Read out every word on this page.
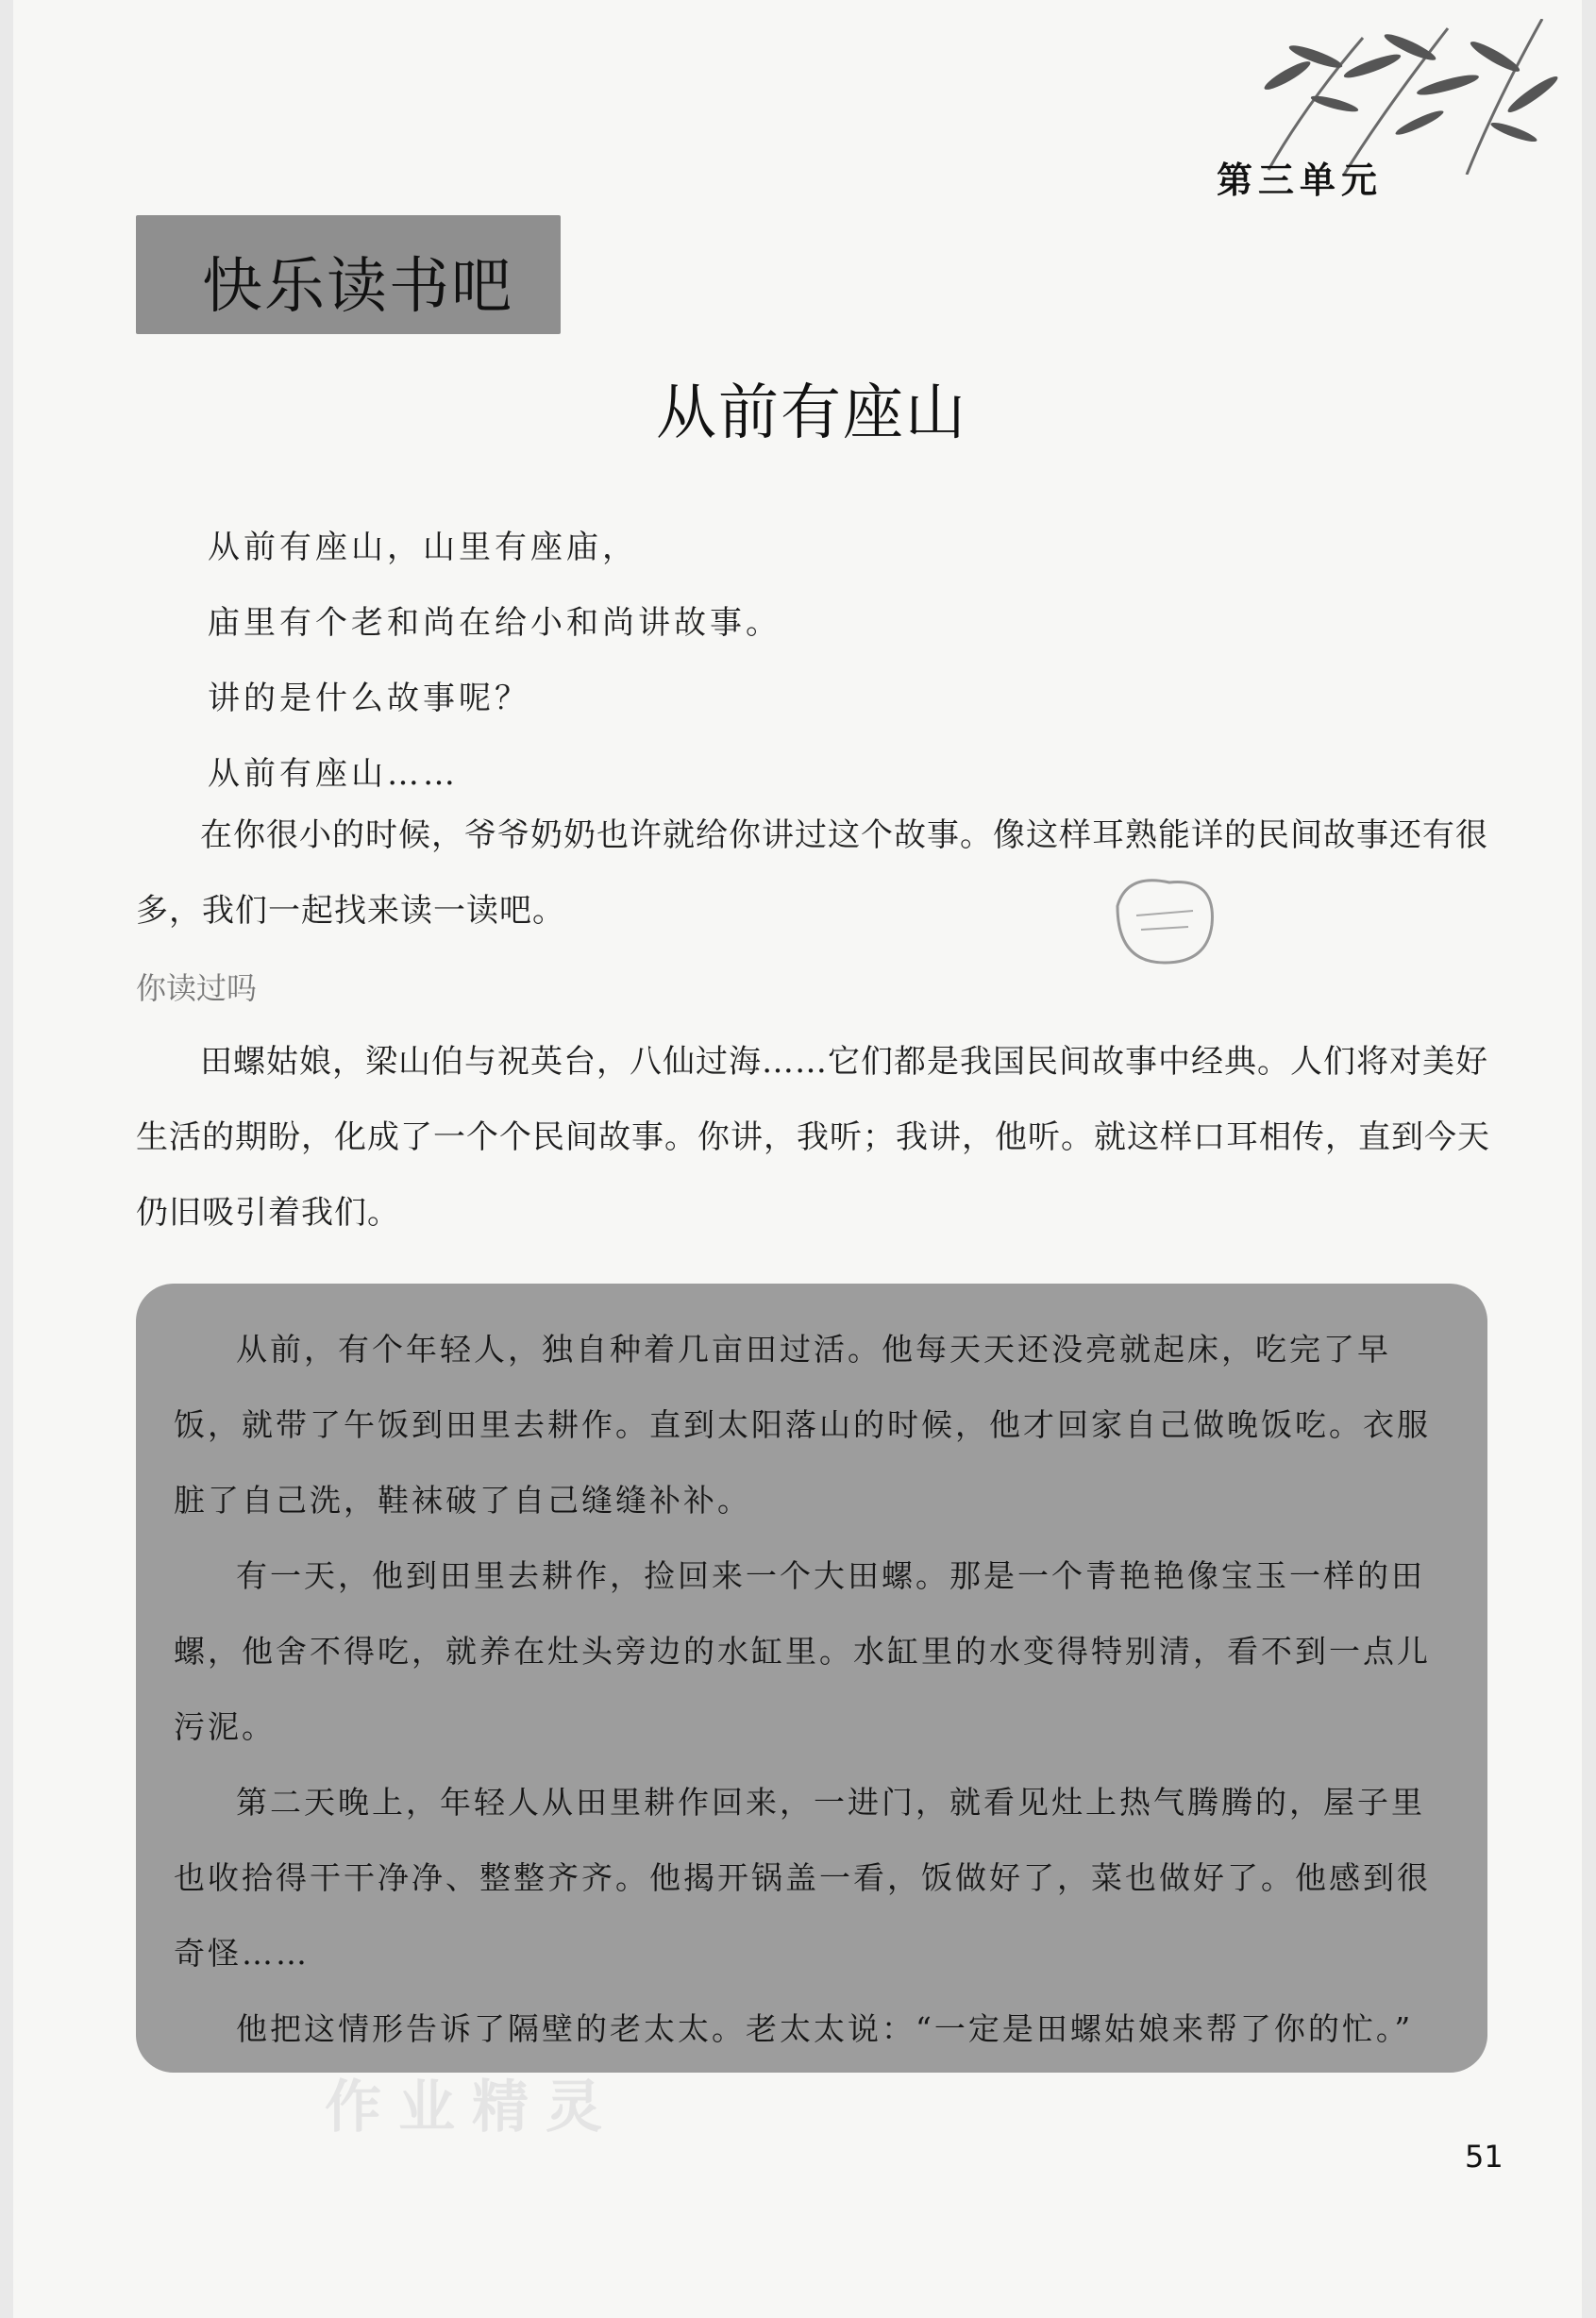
第三单元
快乐读书吧
从前有座山
从前有座山，山里有座庙，
庙里有个老和尚在给小和尚讲故事。
讲的是什么故事呢？
从前有座山……

在你很小的时候，爷爷奶奶也许就给你讲过这个故事。像这样耳熟能详的民间故事还有很多，我们一起找来读一读吧。

你读过吗

田螺姑娘，梁山伯与祝英台，八仙过海……它们都是我国民间故事中经典。人们将对美好生活的期盼，化成了一个个民间故事。你讲，我听；我讲，他听。就这样口耳相传，直到今天仍旧吸引着我们。

从前，有个年轻人，独自种着几亩田过活。他每天天还没亮就起床，吃完了早饭，就带了午饭到田里去耕作。直到太阳落山的时候，他才回家自己做晚饭吃。衣服脏了自己洗，鞋袜破了自己缝缝补补。

有一天，他到田里去耕作，捡回来一个大田螺。那是一个青艳艳像宝玉一样的田螺，他舍不得吃，就养在灶头旁边的水缸里。水缸里的水变得特别清，看不到一点儿污泥。

第二天晚上，年轻人从田里耕作回来，一进门，就看见灶上热气腾腾的，屋子里也收拾得干干净净、整整齐齐。他揭开锅盖一看，饭做好了，菜也做好了。他感到很奇怪……

他把这情形告诉了隔壁的老太太。老太太说：“一定是田螺姑娘来帮了你的忙。”

作业精灵
51
